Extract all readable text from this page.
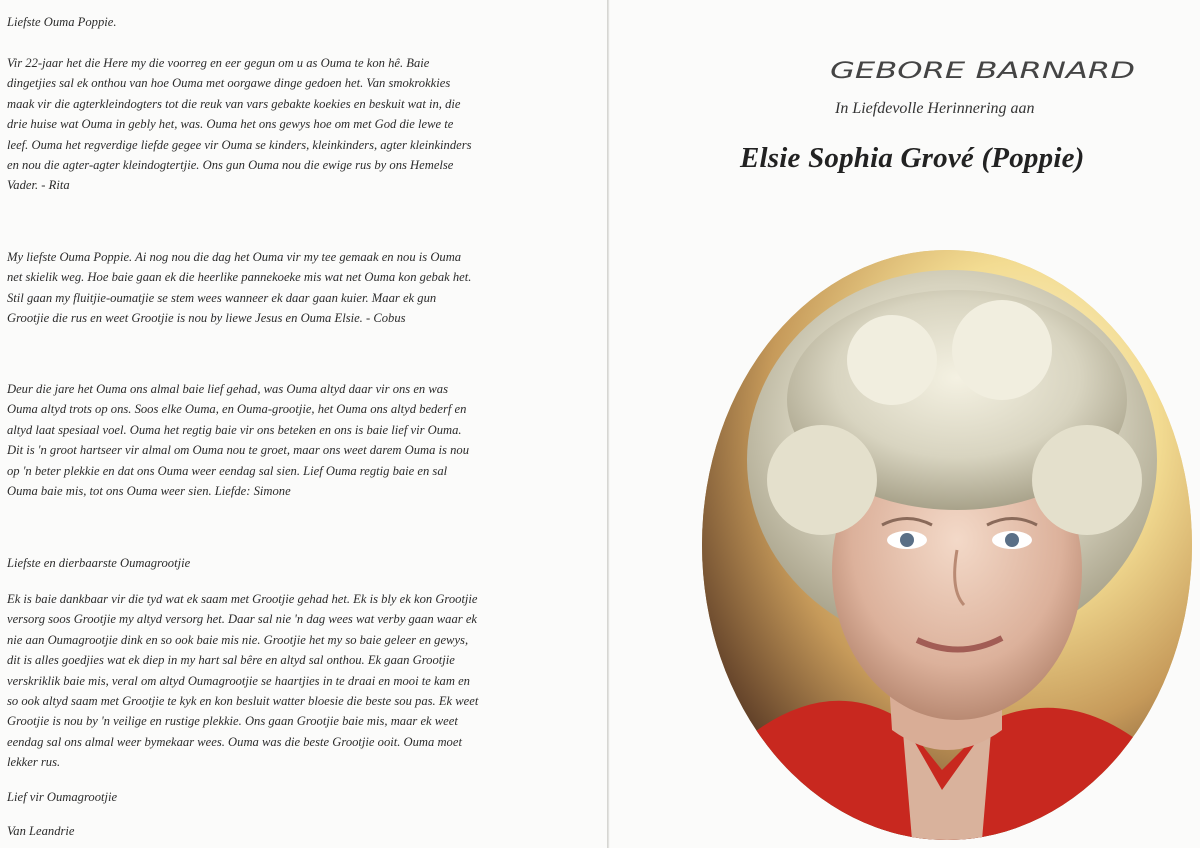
Liefste Ouma Poppie.
Vir 22-jaar het die Here my die voorreg en eer gegun om u as Ouma te kon hê. Baie
dingetjies sal ek onthou van hoe Ouma met oorgawe dinge gedoen het. Van smokrokkies
maak vir die agterkleindogters tot die reuk van vars gebakte koekies en beskuit wat in, die
drie huise wat Ouma in gebly het, was. Ouma het ons gewys hoe om met God die lewe te
leef. Ouma het regverdige liefde gegee vir Ouma se kinders, kleinkinders, agter kleinkinders
en nou die agter-agter kleindogtertjie. Ons gun Ouma nou die ewige rus by ons Hemelse
Vader. - Rita
My liefste Ouma Poppie. Ai nog nou die dag het Ouma vir my tee gemaak en nou is Ouma
net skielik weg. Hoe baie gaan ek die heerlike pannekoeke mis wat net Ouma kon gebak het.
Stil gaan my fluitjie-oumatjie se stem wees wanneer ek daar gaan kuier. Maar ek gun
Grootjie die rus en weet Grootjie is nou by liewe Jesus en Ouma Elsie. - Cobus
Deur die jare het Ouma ons almal baie lief gehad, was Ouma altyd daar vir ons en was
Ouma altyd trots op ons. Soos elke Ouma, en Ouma-grootjie, het Ouma ons altyd bederf en
altyd laat spesiaal voel. Ouma het regtig baie vir ons beteken en ons is baie lief vir Ouma.
Dit is 'n groot hartseer vir almal om Ouma nou te groet, maar ons weet darem Ouma is nou
op 'n beter plekkie en dat ons Ouma weer eendag sal sien. Lief Ouma regtig baie en sal
Ouma baie mis, tot ons Ouma weer sien. Liefde: Simone
Liefste en dierbaarste Oumagrootjie
Ek is baie dankbaar vir die tyd wat ek saam met Grootjie gehad het. Ek is bly ek kon Grootjie
versorg soos Grootjie my altyd versorg het. Daar sal nie 'n dag wees wat verby gaan waar ek
nie aan Oumagrootjie dink en so ook baie mis nie. Grootjie het my so baie geleer en gewys,
dit is alles goedjies wat ek diep in my hart sal bêre en altyd sal onthou. Ek gaan Grootjie
verskriklik baie mis, veral om altyd Oumagrootjie se haartjies in te draai en mooi te kam en
so ook altyd saam met Grootjie te kyk en kon besluit watter bloesie die beste sou pas. Ek weet
Grootjie is nou by 'n veilige en rustige plekkie. Ons gaan Grootjie baie mis, maar ek weet
eendag sal ons almal weer bymekaar wees. Ouma was die beste Grootjie ooit. Ouma moet
lekker rus.
Lief vir Oumagrootjie
Van Leandrie
GEBORE BARNARD
In Liefdevolle Herinnering aan
Elsie Sophia Grové (Poppie)
